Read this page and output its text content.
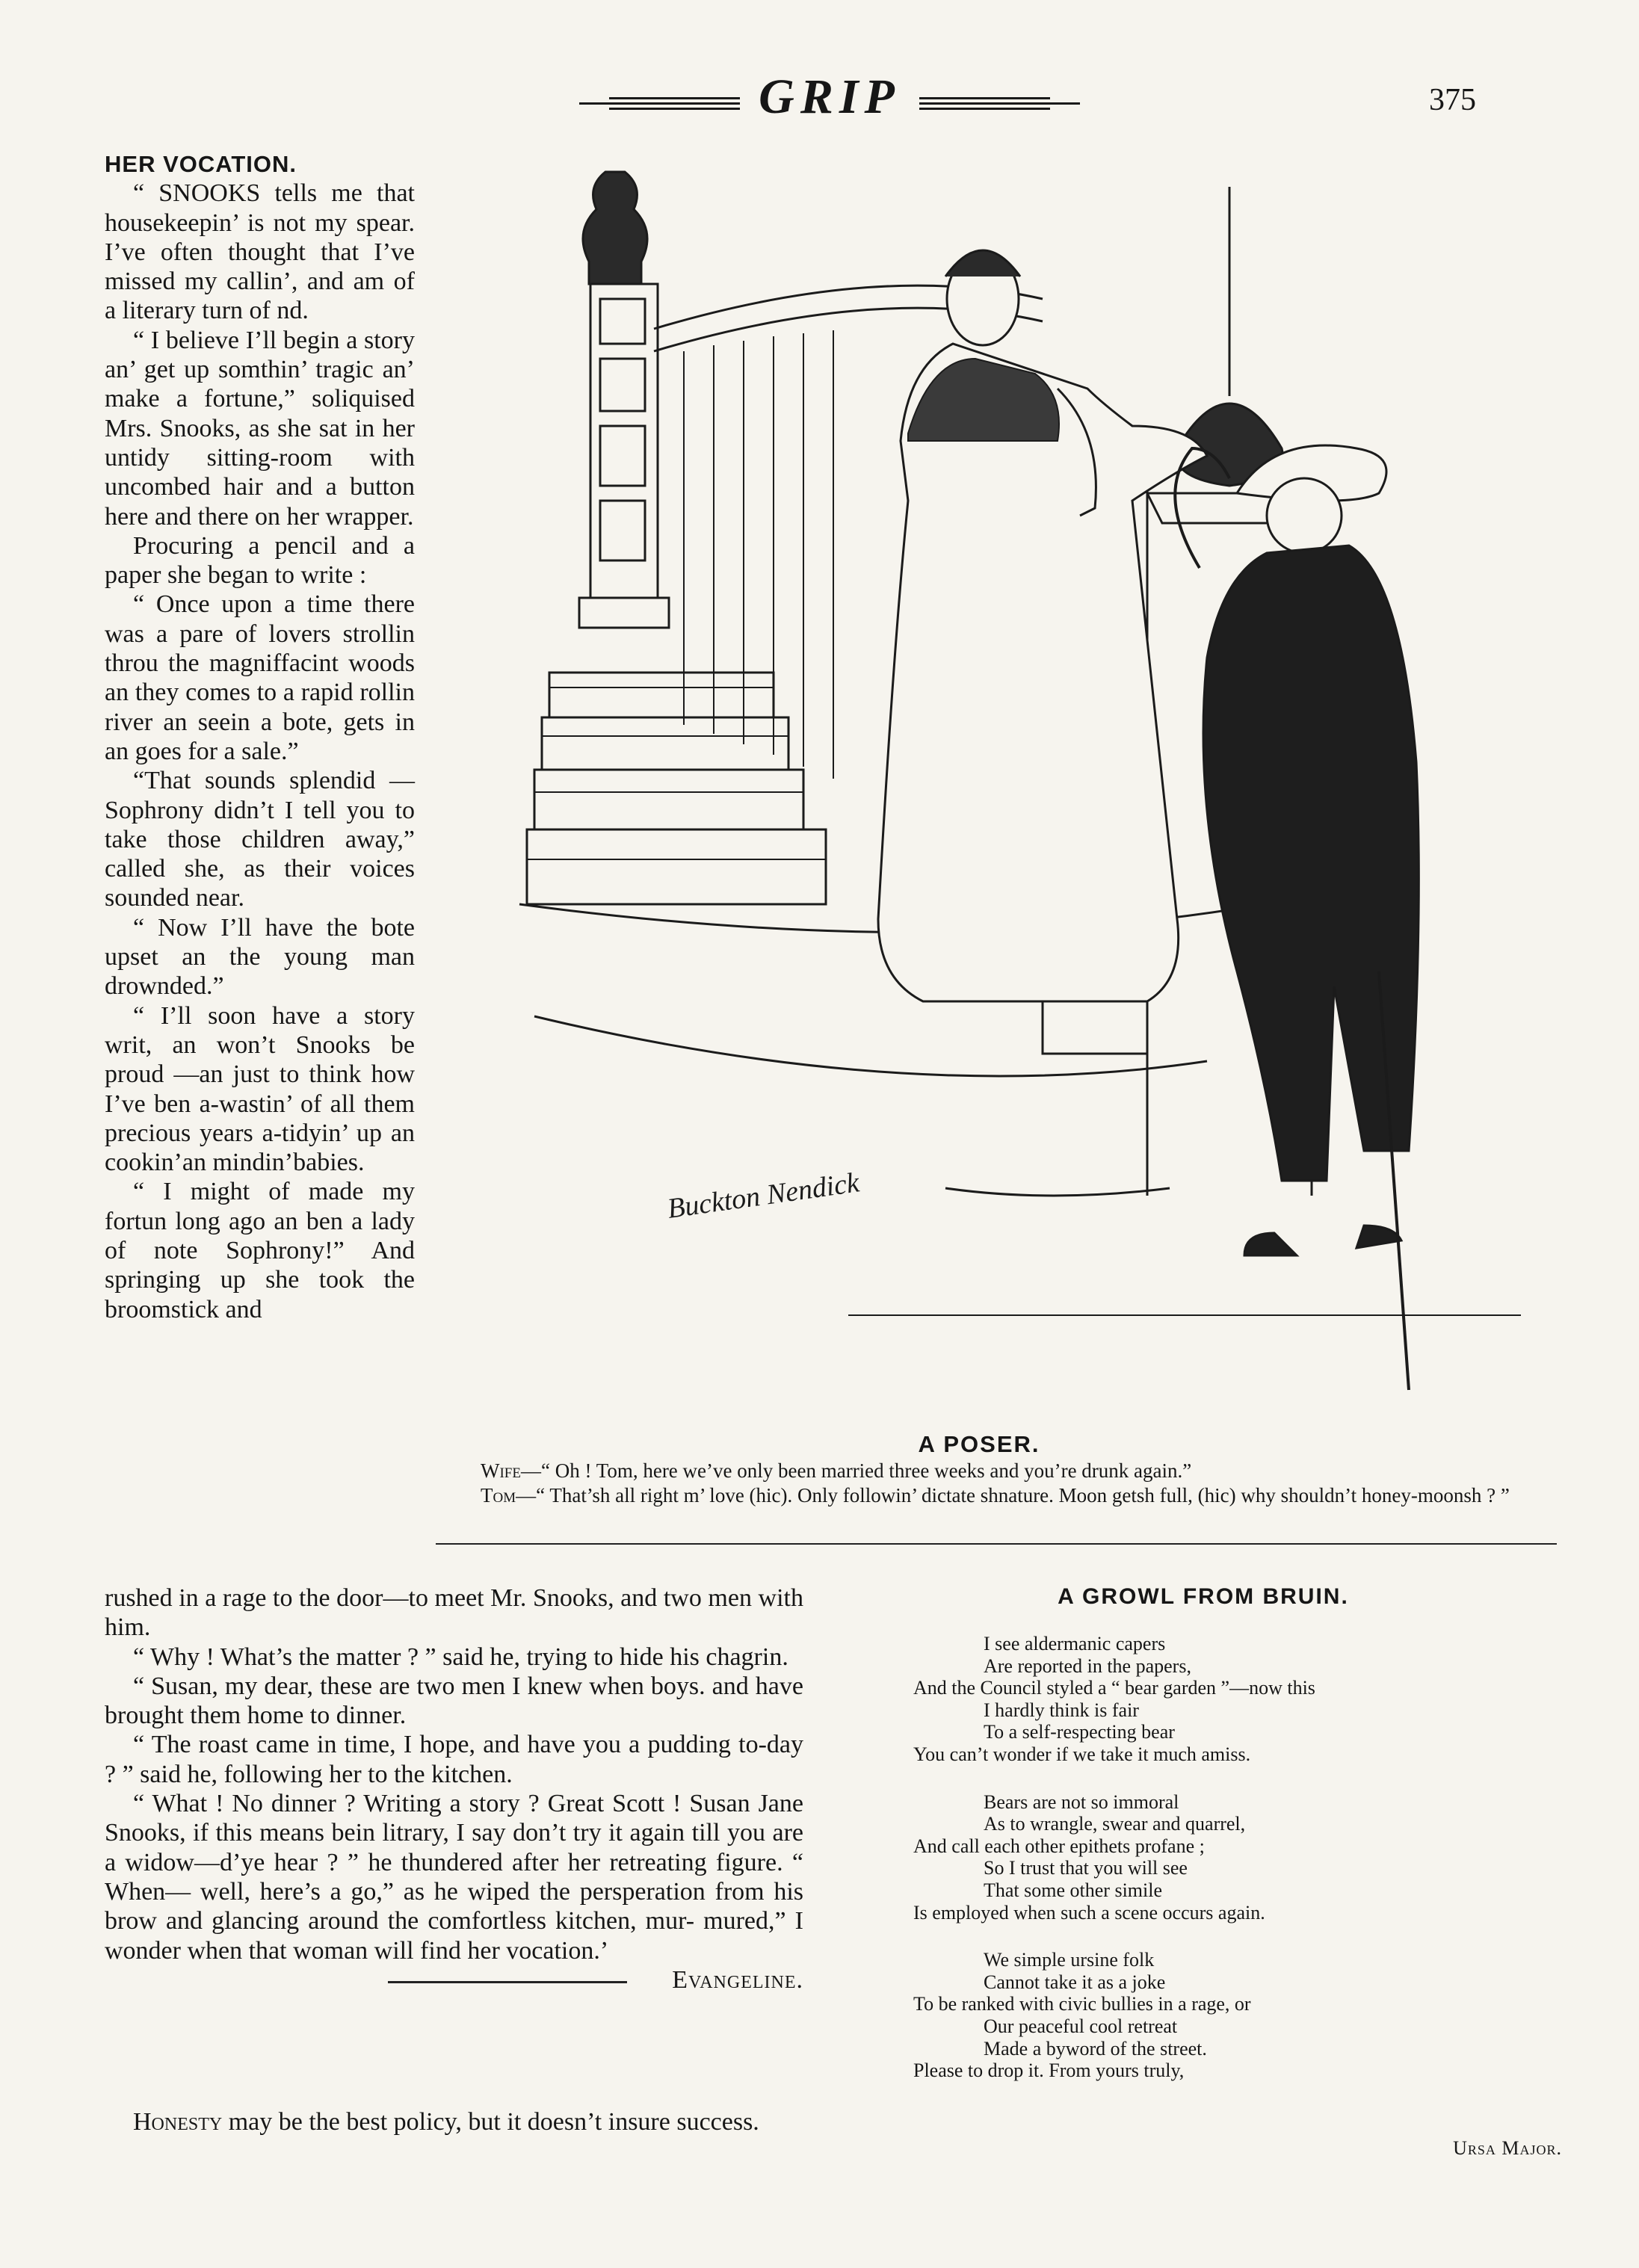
GRIP	375

HER VOCATION.

“ SNOOKS tells me that housekeepin’ is not my spear. I’ve often thought that I’ve missed my callin’, and am of a literary turn of nd.

“ I believe I’ll begin a story an’ get up somthin’ tragic an’ make a fortune,” soliquised Mrs. Snooks, as she sat in her untidy sitting-room with uncombed hair and a button here and there on her wrapper.

Procuring a pencil and a paper she began to write :

“ Once upon a time there was a pare of lovers strollin throu the magniffacint woods an they comes to a rapid rollin river an seein a bote, gets in an goes for a sale.”

“That sounds splendid — Sophrony didn’t I tell you to take those children away,” called she, as their voices sounded near.

“ Now I’ll have the bote upset an the young man drownded.”

“ I’ll soon have a story writ, an won’t Snooks be proud —an just to think how I’ve ben a-wastin’ of all them precious years a-tidyin’ up an cookin’an mindin’babies.

“ I might of made my fortun long ago an ben a lady of note Sophrony!” And springing up she took the broomstick and

Buckton Nendick
A POSER.

Wife—“ Oh ! Tom, here we’ve only been married three weeks and you’re drunk again.”

Tom—“ That’sh all right m’ love (hic). Only followin’ dictate shnature. Moon getsh full, (hic) why shouldn’t honey-moonsh ? ”

rushed in a rage to the door—to meet Mr. Snooks, and two men with him.

“ Why ! What’s the matter ? ” said he, trying to hide his chagrin.

“ Susan, my dear, these are two men I knew when boys. and have brought them home to dinner.

“ The roast came in time, I hope, and have you a pudding to-day ? ” said he, following her to the kitchen.

“ What ! No dinner ? Writing a story ? Great Scott ! Susan Jane Snooks, if this means bein litrary, I say don’t try it again till you are a widow—d’ye hear ? ” he thundered after her retreating figure. “ When— well, here’s a go,” as he wiped the persperation from his brow and glancing around the comfortless kitchen, mur- mured,” I wonder when that woman will find her vocation.’

Evangeline.
Honesty may be the best policy, but it doesn’t insure success.
A GROWL FROM BRUIN.
I see aldermanic capers
Are reported in the papers,
And the Council styled a “ bear garden ”—now this
I hardly think is fair
To a self-respecting bear
You can’t wonder if we take it much amiss.
Bears are not so immoral
As to wrangle, swear and quarrel,
And call each other epithets profane ;
So I trust that you will see
That some other simile
Is employed when such a scene occurs again.
We simple ursine folk
Cannot take it as a joke
To be ranked with civic bullies in a rage, or
Our peaceful cool retreat
Made a byword of the street.
Please to drop it. From yours truly,
Ursa Major.
